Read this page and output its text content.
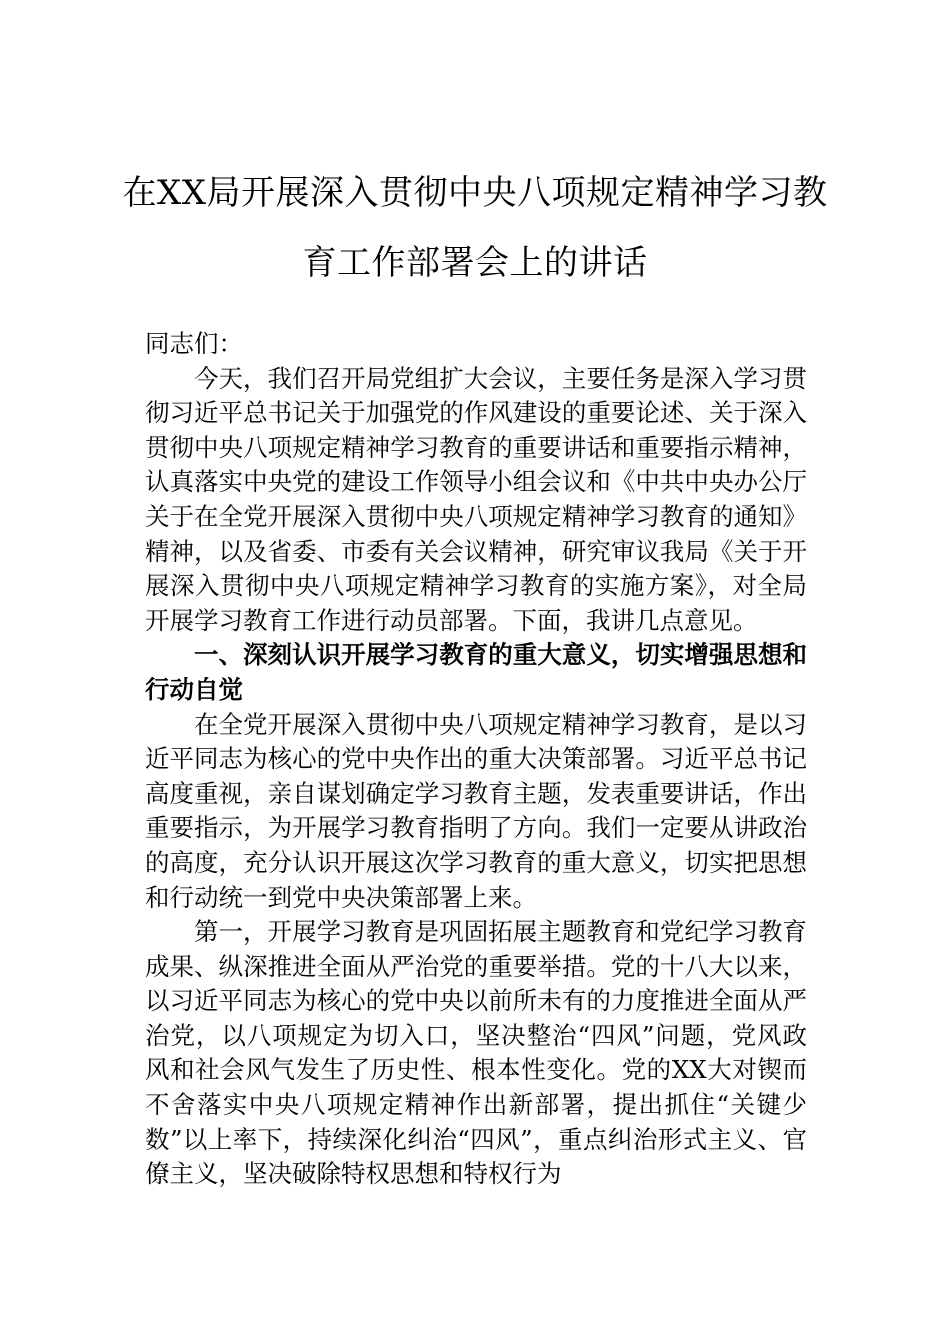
在XX局开展深入贯彻中央八项规定精神学习教育工作部署会上的讲话

同志们：

今天，我们召开局党组扩大会议，主要任务是深入学习贯彻习近平总书记关于加强党的作风建设的重要论述、关于深入贯彻中央八项规定精神学习教育的重要讲话和重要指示精神，认真落实中央党的建设工作领导小组会议和《中共中央办公厅关于在全党开展深入贯彻中央八项规定精神学习教育的通知》精神，以及省委、市委有关会议精神，研究审议我局《关于开展深入贯彻中央八项规定精神学习教育的实施方案》，对全局开展学习教育工作进行动员部署。下面，我讲几点意见。

一、深刻认识开展学习教育的重大意义，切实增强思想和行动自觉

在全党开展深入贯彻中央八项规定精神学习教育，是以习近平同志为核心的党中央作出的重大决策部署。习近平总书记高度重视，亲自谋划确定学习教育主题，发表重要讲话，作出重要指示，为开展学习教育指明了方向。我们一定要从讲政治的高度，充分认识开展这次学习教育的重大意义，切实把思想和行动统一到党中央决策部署上来。

第一，开展学习教育是巩固拓展主题教育和党纪学习教育成果、纵深推进全面从严治党的重要举措。党的十八大以来，以习近平同志为核心的党中央以前所未有的力度推进全面从严治党，以八项规定为切入口，坚决整治“四风”问题，党风政风和社会风气发生了历史性、根本性变化。党的XX大对锲而不舍落实中央八项规定精神作出新部署，提出抓住“关键少数”以上率下，持续深化纠治“四风”，重点纠治形式主义、官僚主义，坚决破除特权思想和特权行为
